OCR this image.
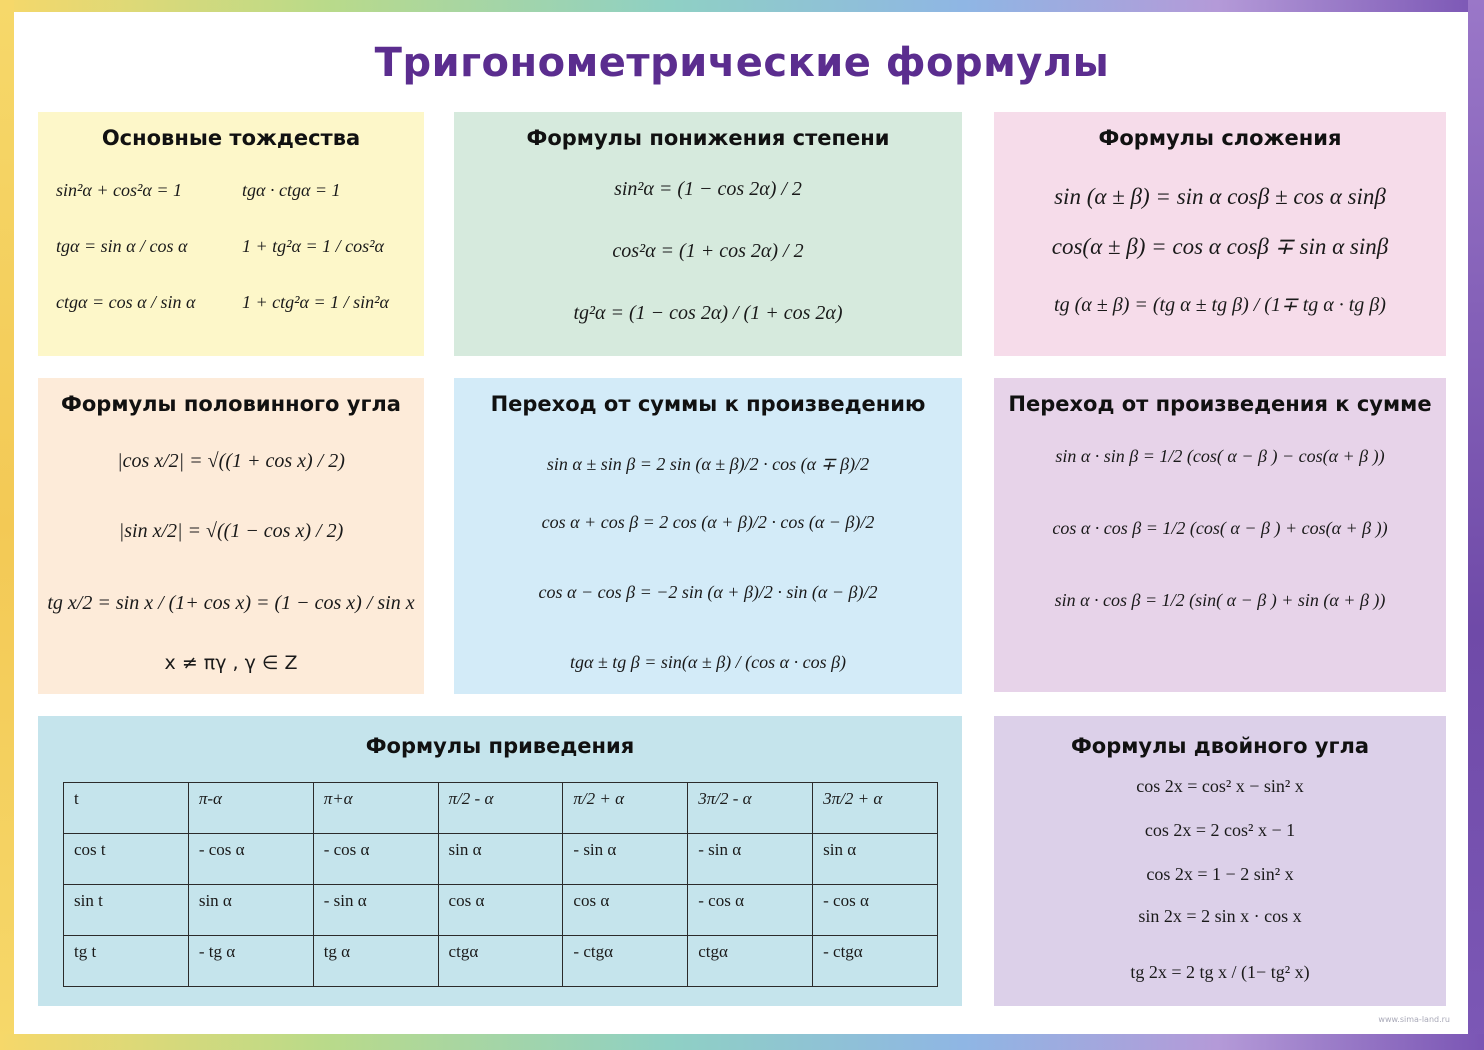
Тригонометрические формулы
Основные тождества
sin²α + cos²α = 1	tgα · ctgα = 1
tgα = sin α / cos α	1 + tg²α = 1 / cos²α
ctgα = cos α / sin α	1 + ctg²α = 1 / sin²α
Формулы понижения степени
sin²α = (1 − cos 2α) / 2
cos²α = (1 + cos 2α) / 2
tg²α = (1 − cos 2α) / (1 + cos 2α)
Формулы сложения
sin (α ± β) = sin α cosβ ± cos α sinβ
cos(α ± β) = cos α cosβ ∓ sin α sinβ
tg (α ± β) = (tg α ± tg β) / (1∓ tg α · tg β)
Формулы половинного угла
|cos x/2| = √((1 + cos x) / 2)
|sin x/2| = √((1 − cos x) / 2)
tg x/2 = sin x / (1+ cos x) = (1 − cos x) / sin x
x ≠ πγ , γ ∈ Z
Переход от суммы к произведению
sin α ± sin β = 2 sin (α ± β)/2 · cos (α ∓ β)/2
cos α + cos β = 2 cos (α + β)/2 · cos (α − β)/2
cos α − cos β = −2 sin (α + β)/2 · sin (α − β)/2
tgα ± tg β = sin(α ± β) / (cos α · cos β)
Переход от произведения к сумме
sin α · sin β = 1/2 (cos( α − β ) − cos(α + β ))
cos α · cos β = 1/2 (cos( α − β ) + cos(α + β ))
sin α · cos β = 1/2 (sin( α − β ) + sin (α + β ))
Формулы приведения
t	π-α	π+α	π/2 - α	π/2 + α	3π/2 - α	3π/2 + α
cos t	- cos α	- cos α	sin α	- sin α	- sin α	sin α
sin t	sin α	- sin α	cos α	cos α	- cos α	- cos α
tg t	- tg α	tg α	ctgα	- ctgα	ctgα	- ctgα
Формулы двойного угла
cos 2x = cos² x − sin² x
cos 2x = 2 cos² x − 1
cos 2x = 1 − 2 sin² x
sin 2x = 2 sin x · cos x
tg 2x = 2 tg x / (1− tg² x)
www.sima-land.ru
